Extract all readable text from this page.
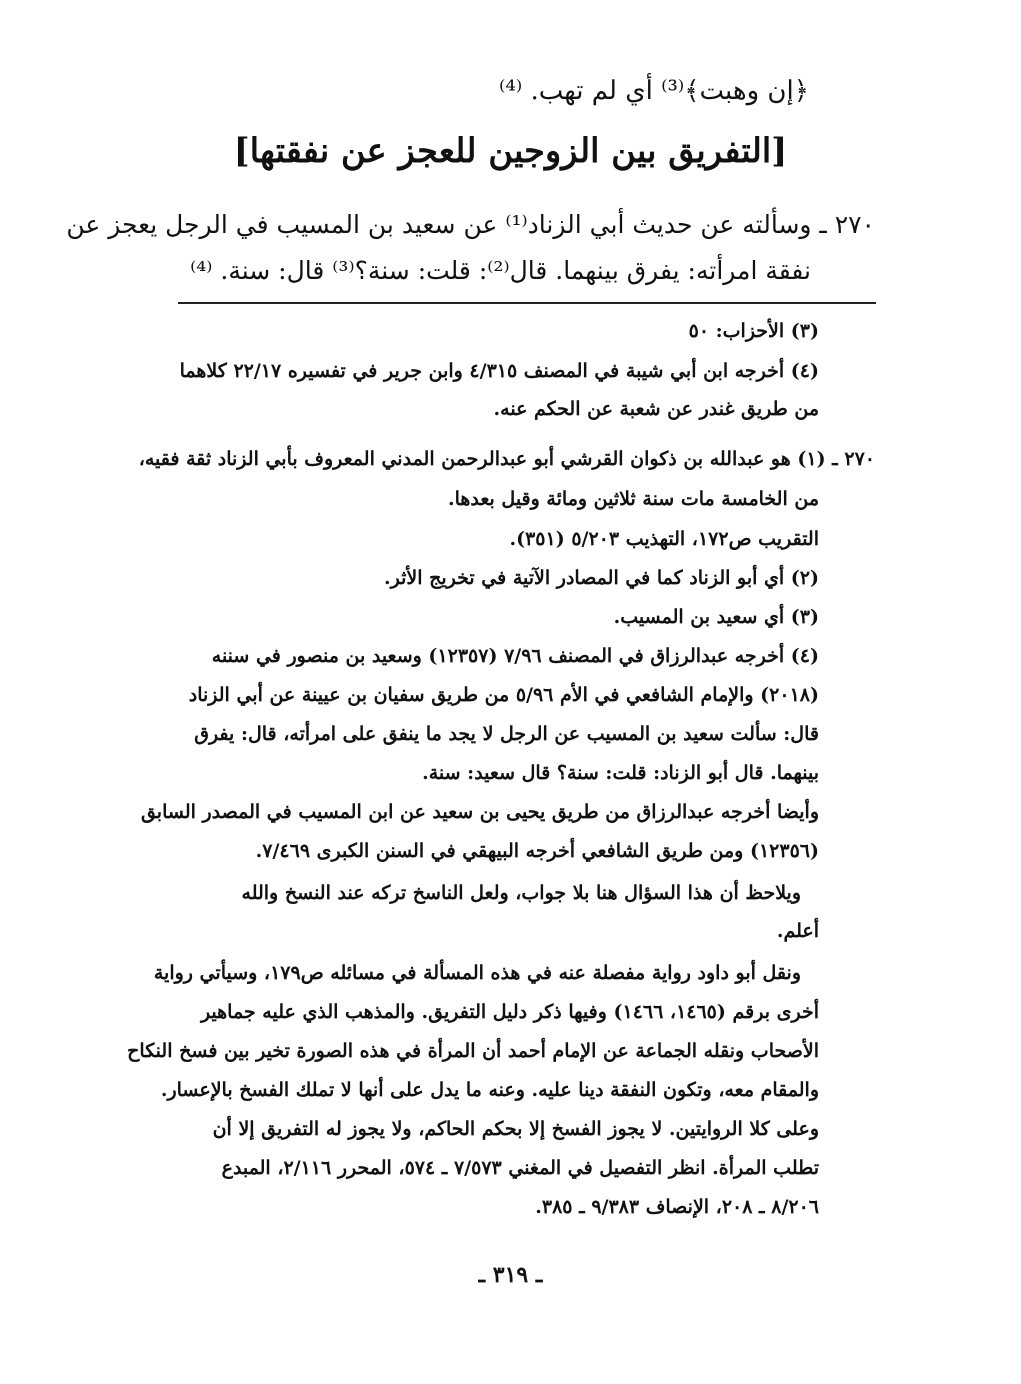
﴿إن وهبت﴾⁽³⁾ أي لم تهب. ⁽⁴⁾
[التفريق بين الزوجين للعجز عن نفقتها]
٢٧٠ ـ وسألته عن حديث أبي الزناد⁽¹⁾ عن سعيد بن المسيب في الرجل يعجز عن
نفقة امرأته: يفرق بينهما. قال⁽²⁾: قلت: سنة؟⁽³⁾ قال: سنة. ⁽⁴⁾
(٣) الأحزاب: ٥٠
(٤) أخرجه ابن أبي شيبة في المصنف ٤/٣١٥ وابن جرير في تفسيره ٢٢/١٧ كلاهما
من طريق غندر عن شعبة عن الحكم عنه.
٢٧٠ ـ (١) هو عبدالله بن ذكوان القرشي أبو عبدالرحمن المدني المعروف بأبي الزناد ثقة فقيه،
من الخامسة مات سنة ثلاثين ومائة وقيل بعدها.
التقريب ص١٧٢، التهذيب ٥/٢٠٣ (٣٥١).
(٢) أي أبو الزناد كما في المصادر الآتية في تخريج الأثر.
(٣) أي سعيد بن المسيب.
(٤) أخرجه عبدالرزاق في المصنف ٧/٩٦ (١٢٣٥٧) وسعيد بن منصور في سننه
(٢٠١٨) والإمام الشافعي في الأم ٥/٩٦ من طريق سفيان بن عيينة عن أبي الزناد
قال: سألت سعيد بن المسيب عن الرجل لا يجد ما ينفق على امرأته، قال: يفرق
بينهما. قال أبو الزناد: قلت: سنة؟ قال سعيد: سنة.
وأيضا أخرجه عبدالرزاق من طريق يحيى بن سعيد عن ابن المسيب في المصدر السابق
(١٢٣٥٦) ومن طريق الشافعي أخرجه البيهقي في السنن الكبرى ٧/٤٦٩.
ويلاحظ أن هذا السؤال هنا بلا جواب، ولعل الناسخ تركه عند النسخ والله
أعلم.
ونقل أبو داود رواية مفصلة عنه في هذه المسألة في مسائله ص١٧٩، وسيأتي رواية
أخرى برقم (١٤٦٥، ١٤٦٦) وفيها ذكر دليل التفريق. والمذهب الذي عليه جماهير
الأصحاب ونقله الجماعة عن الإمام أحمد أن المرأة في هذه الصورة تخير بين فسخ النكاح
والمقام معه، وتكون النفقة دينا عليه. وعنه ما يدل على أنها لا تملك الفسخ بالإعسار.
وعلى كلا الروايتين. لا يجوز الفسخ إلا بحكم الحاكم، ولا يجوز له التفريق إلا أن
تطلب المرأة. انظر التفصيل في المغني ٧/٥٧٣ ـ ٥٧٤، المحرر ٢/١١٦، المبدع
٨/٢٠٦ ـ ٢٠٨، الإنصاف ٩/٣٨٣ ـ ٣٨٥.
ـ ٣١٩ ـ
